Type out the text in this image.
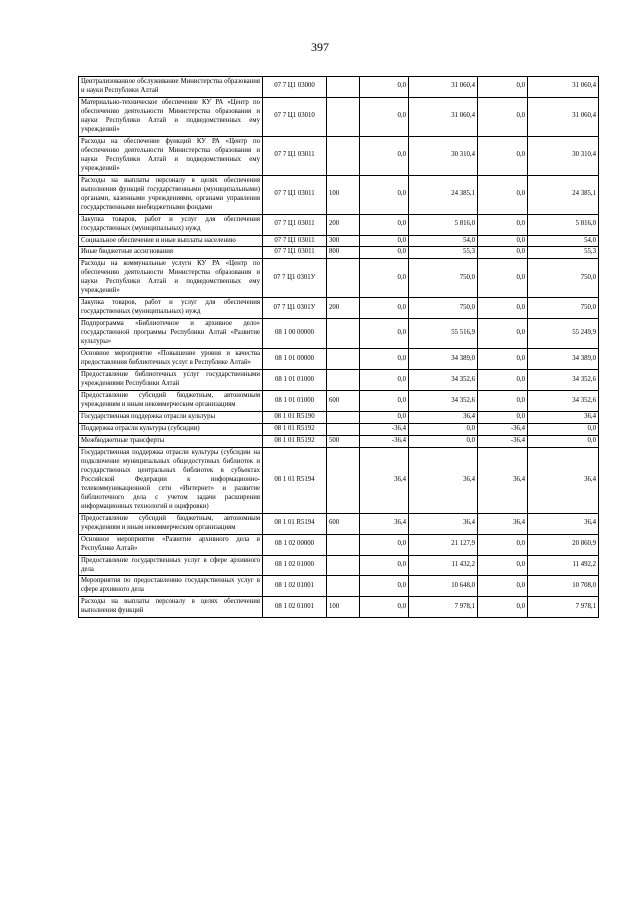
397
Централизованное обслуживание Министерства образования и науки Республики Алтай	07 7 Ц1 03000		0,0	31 060,4	0,0	31 060,4
Материально-техническое обеспечение КУ РА «Центр по обеспечению деятельности Министерства образования и науки Республики Алтай и подведомственных ему учреждений»	07 7 Ц1 03010		0,0	31 060,4	0,0	31 060,4
Расходы на обеспечение функций КУ РА «Центр по обеспечению деятельности Министерства образования и науки Республики Алтай и подведомственных ему учреждений»	07 7 Ц1 03011		0,0	30 310,4	0,0	30 310,4
Расходы на выплаты персоналу в целях обеспечения выполнения функций государственными (муниципальными) органами, казенными учреждениями, органами управления государственными внебюджетными фондами	07 7 Ц1 03011	100	0,0	24 385,1	0,0	24 385,1
Закупка товаров, работ и услуг для обеспечения государственных (муниципальных) нужд	07 7 Ц1 03011	200	0,0	5 816,0	0,0	5 816,0
Социальное обеспечение и иные выплаты населению	07 7 Ц1 03011	300	0,0	54,0	0,0	54,0
Иные бюджетные ассигнования	07 7 Ц1 03011	800	0,0	55,3	0,0	55,3
Расходы на коммунальные услуги КУ РА «Центр по обеспечению деятельности Министерства образования и науки Республики Алтай и подведомственных ему учреждений»	07 7 Ц1 0301У		0,0	750,0	0,0	750,0
Закупка товаров, работ и услуг для обеспечения государственных (муниципальных) нужд	07 7 Ц1 0301У	200	0,0	750,0	0,0	750,0
Подпрограмма «Библиотечное и архивное дело» государственной программы Республики Алтай «Развитие культуры»	08 1 00 00000		0,0	55 516,9	0,0	55 249,9
Основное мероприятие «Повышение уровня и качества предоставления библиотечных услуг в Республике Алтай»	08 1 01 00000		0,0	34 389,0	0,0	34 389,0
Предоставление библиотечных услуг государственными учреждениями Республики Алтай	08 1 01 01000		0,0	34 352,6	0,0	34 352,6
Предоставление субсидий бюджетным, автономным учреждениям и иным некоммерческим организациям	08 1 01 01000	600	0,0	34 352,6	0,0	34 352,6
Государственная поддержка отрасли культуры	08 1 01 R5190		0,0	36,4	0,0	36,4
Поддержка отрасли культуры (субсидии)	08 1 01 R5192		-36,4	0,0	-36,4	0,0
Межбюджетные трансферты	08 1 01 R5192	500	-36,4	0,0	-36,4	0,0
Государственная поддержка отрасли культуры (субсидии на подключение муниципальных общедоступных библиотек и государственных центральных библиотек в субъектах Российской Федерации к информационно-телекоммуникационной сети «Интернет» и развитие библиотечного дела с учетом задачи расширения информационных технологий и оцифровки)	08 1 01 R5194		36,4	36,4	36,4	36,4
Предоставление субсидий бюджетным, автономным учреждениям и иным некоммерческим организациям	08 1 01 R5194	600	36,4	36,4	36,4	36,4
Основное мероприятие «Развитие архивного дела в Республике Алтай»	08 1 02 00000		0,0	21 127,9	0,0	20 860,9
Предоставление государственных услуг в сфере архивного дела	08 1 02 01000		0,0	11 432,2	0,0	11 492,2
Мероприятия по предоставлению государственных услуг в сфере архивного дела	08 1 02 01001		0,0	10 648,0	0,0	10 708,0
Расходы на выплаты персоналу в целях обеспечения выполнения функций	08 1 02 01001	100	0,0	7 978,1	0,0	7 978,1
